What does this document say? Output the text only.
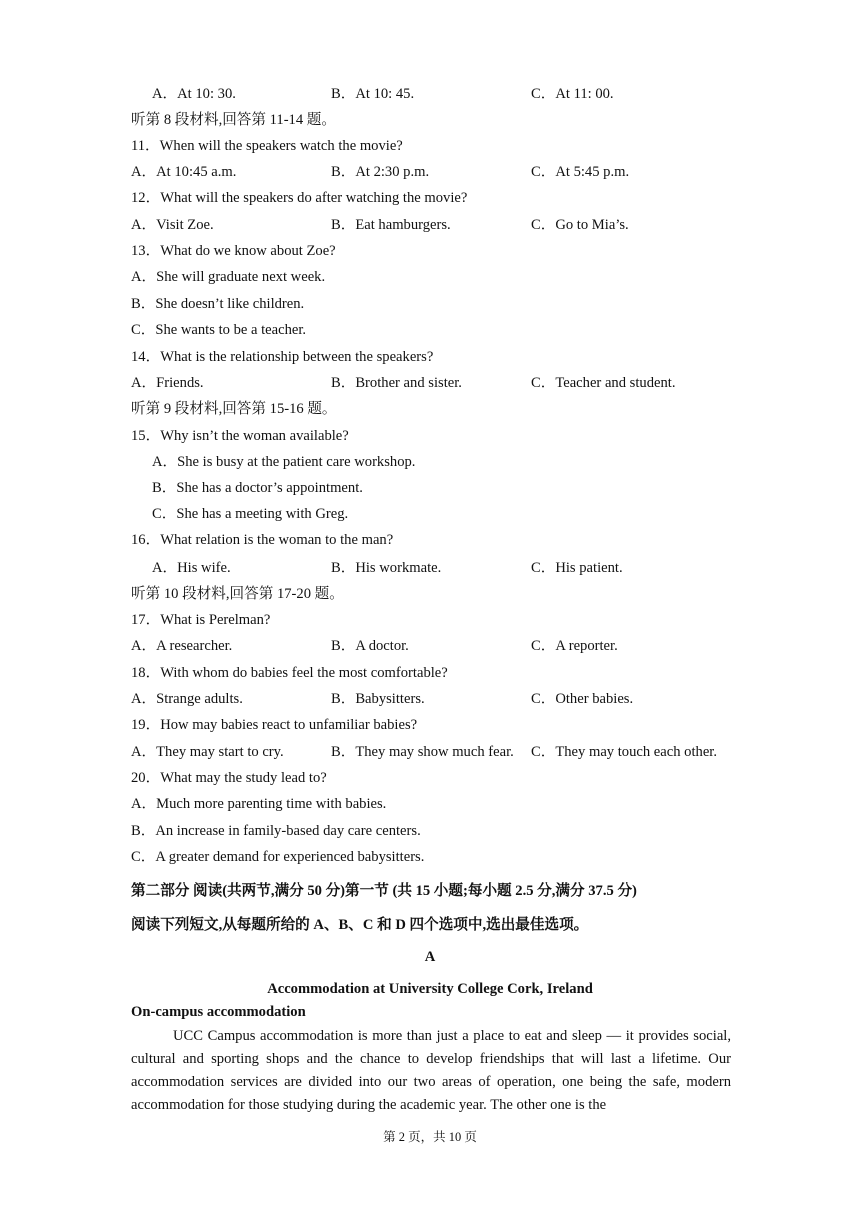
A．At 10: 30.	B．At 10: 45.	C．At 11: 00.
听第 8 段材料,回答第 11-14 题。
11．When will the speakers watch the movie?
A．At 10:45 a.m.	B．At 2:30 p.m.	C．At 5:45 p.m.
12．What will the speakers do after watching the movie?
A．Visit Zoe.	B．Eat hamburgers.	C．Go to Mia’s.
13．What do we know about Zoe?
A．She will graduate next week.
B．She doesn’t like children.
C．She wants to be a teacher.
14．What is the relationship between the speakers?
A．Friends.	B．Brother and sister.	C．Teacher and student.
听第 9 段材料,回答第 15-16 题。
15．Why isn’t the woman available?
A．She is busy at the patient care workshop.
B．She has a doctor’s appointment.
C．She has a meeting with Greg.
16．What relation is the woman to the man?
A．His wife.	B．His workmate.	C．His patient.
听第 10 段材料,回答第 17-20 题。
17．What is Perelman?
A．A researcher.	B．A doctor.	C．A reporter.
18．With whom do babies feel the most comfortable?
A．Strange adults.	B．Babysitters.	C．Other babies.
19．How may babies react to unfamiliar babies?
A．They may start to cry.	B．They may show much fear. C．They may touch each other.
20．What may the study lead to?
A．Much more parenting time with babies.
B．An increase in family-based day care centers.
C．A greater demand for experienced babysitters.
第二部分 阅读(共两节,满分 50 分)第一节 (共 15 小题;每小题 2.5 分,满分 37.5 分)
阅读下列短文,从每题所给的 A、B、C 和 D 四个选项中,选出最佳选项。
A
Accommodation at University College Cork, Ireland
On-campus accommodation
UCC Campus accommodation is more than just a place to eat and sleep — it provides social, cultural and sporting shops and the chance to develop friendships that will last a lifetime. Our accommodation services are divided into our two areas of operation, one being the safe, modern accommodation for those studying during the academic year. The other one is the
第 2 页，共 10 页
